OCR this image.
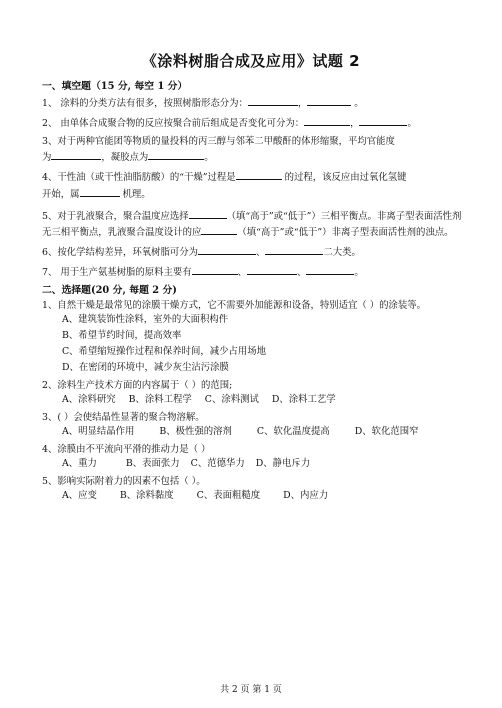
《涂料树脂合成及应用》试题 2
一、填空题（15 分, 每空 1 分）
1、 涂料的分类方法有很多，按照树脂形态分为：	，	。
2、 由单体合成聚合物的反应按聚合前后组成是否变化可分为：	，	。
3、对于两种官能团等物质的量投料的丙三醇与邻苯二甲酸酐的体形缩聚，平均官能度
为	，凝胶点为	。
4、干性油（或干性油脂肪酸）的“干燥”过程是	的过程，该反应由过氧化氢键
开始，属	机理。
5、对于乳液聚合，聚合温度应选择	（填“高于”或“低于”）三相平衡点。非离子型表面活性剂无三相平衡点，乳液聚合温度设计的应	（填“高于”或“低于”）非离子型表面活性剂的浊点。
6、按化学结构差异，环氧树脂可分为	、	二大类。
7、 用于生产氨基树脂的原料主要有	、	、	。
二、选择题(20 分, 每题 2 分)
1、自然干燥是最常见的涂膜干燥方式，它不需要外加能源和设备，特别适宜（ ）的涂装等。
A、建筑装饰性涂料，室外的大面积构件
B、希望节约时间，提高效率
C、希望缩短操作过程和保养时间，减少占用场地
D、在密闭的环境中，减少灰尘沾污涂膜
2、涂料生产技术方面的内容属于（ ）的范围;
A、涂料研究 B、涂料工程学 C、涂料测试 D、涂料工艺学
3、( ）会使结晶性显著的聚合物溶解。
A、明显结晶作用	B、极性强的溶剂	C、软化温度提高	D、软化范围窄
4、涂膜由不平流向平滑的推动力是（ ）
A、重力	B、表面张力 C、范德华力 D、静电斥力
5、影响实际附着力的因素不包括（ ）。
A、应变 B、涂料黏度 C、表面粗糙度 D、内应力
共 2 页 第 1 页
